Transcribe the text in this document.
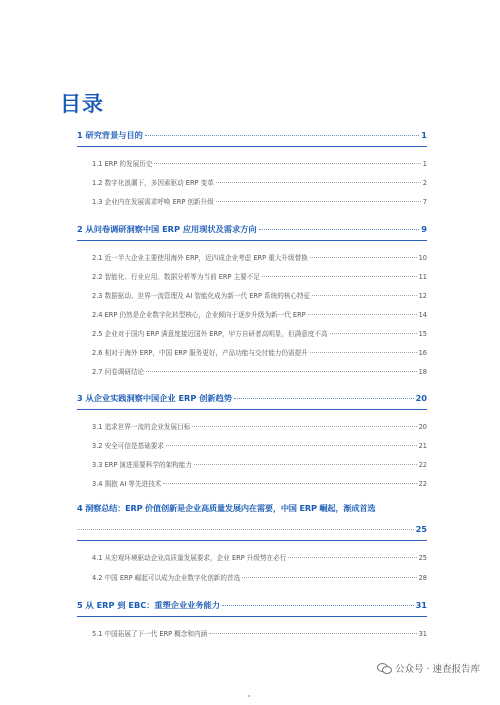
目录
1 研究背景与目的	1
1.1 ERP 的发展历史	1
1.2 数字化浪潮下，多因素驱动 ERP 变革	2
1.3 企业内在发展需求呼唤 ERP 创新升级	7
2 从问卷调研洞察中国 ERP 应用现状及需求方向	9
2.1 近一半大企业主要使用海外 ERP，近四成企业考虑 ERP 重大升级替换	10
2.2 智能化、行业应用、数据分析等为当前 ERP 主要不足	11
2.3 数据驱动、世界一流管理及 AI 智能化成为新一代 ERP 系统的核心特征	12
2.4 ERP 仍然是企业数字化转型核心，企业倾向于逐步升级为新一代 ERP	14
2.5 企业对于国内 ERP 满意度接近国外 ERP，甲方自研者高明显，但满意度不高	15
2.6 相对于海外 ERP，中国 ERP 服务更好，产品功能与交付能力仍需提升	16
2.7 问卷调研结论	18
3 从企业实践洞察中国企业 ERP 创新趋势	20
3.1 追求世界一流的企业发展目标	20
3.2 安全可信是基础要求	21
3.3 ERP 演进需要科学的架构能力	22
3.4 拥抱 AI 等先进技术	22
4 洞察总结：ERP 价值创新是企业高质量发展内在需要，中国 ERP 崛起，渐成首选
25
4.1 从宏观环境驱动企业高质量发展要求，企业 ERP 升级势在必行	25
4.2 中国 ERP 崛起可以成为企业数字化创新的首选	28
5 从 ERP 到 EBC：重塑企业业务能力	31
5.1 中国拓展了下一代 ERP 概念和内涵	31
公众号 · 速查报告库
